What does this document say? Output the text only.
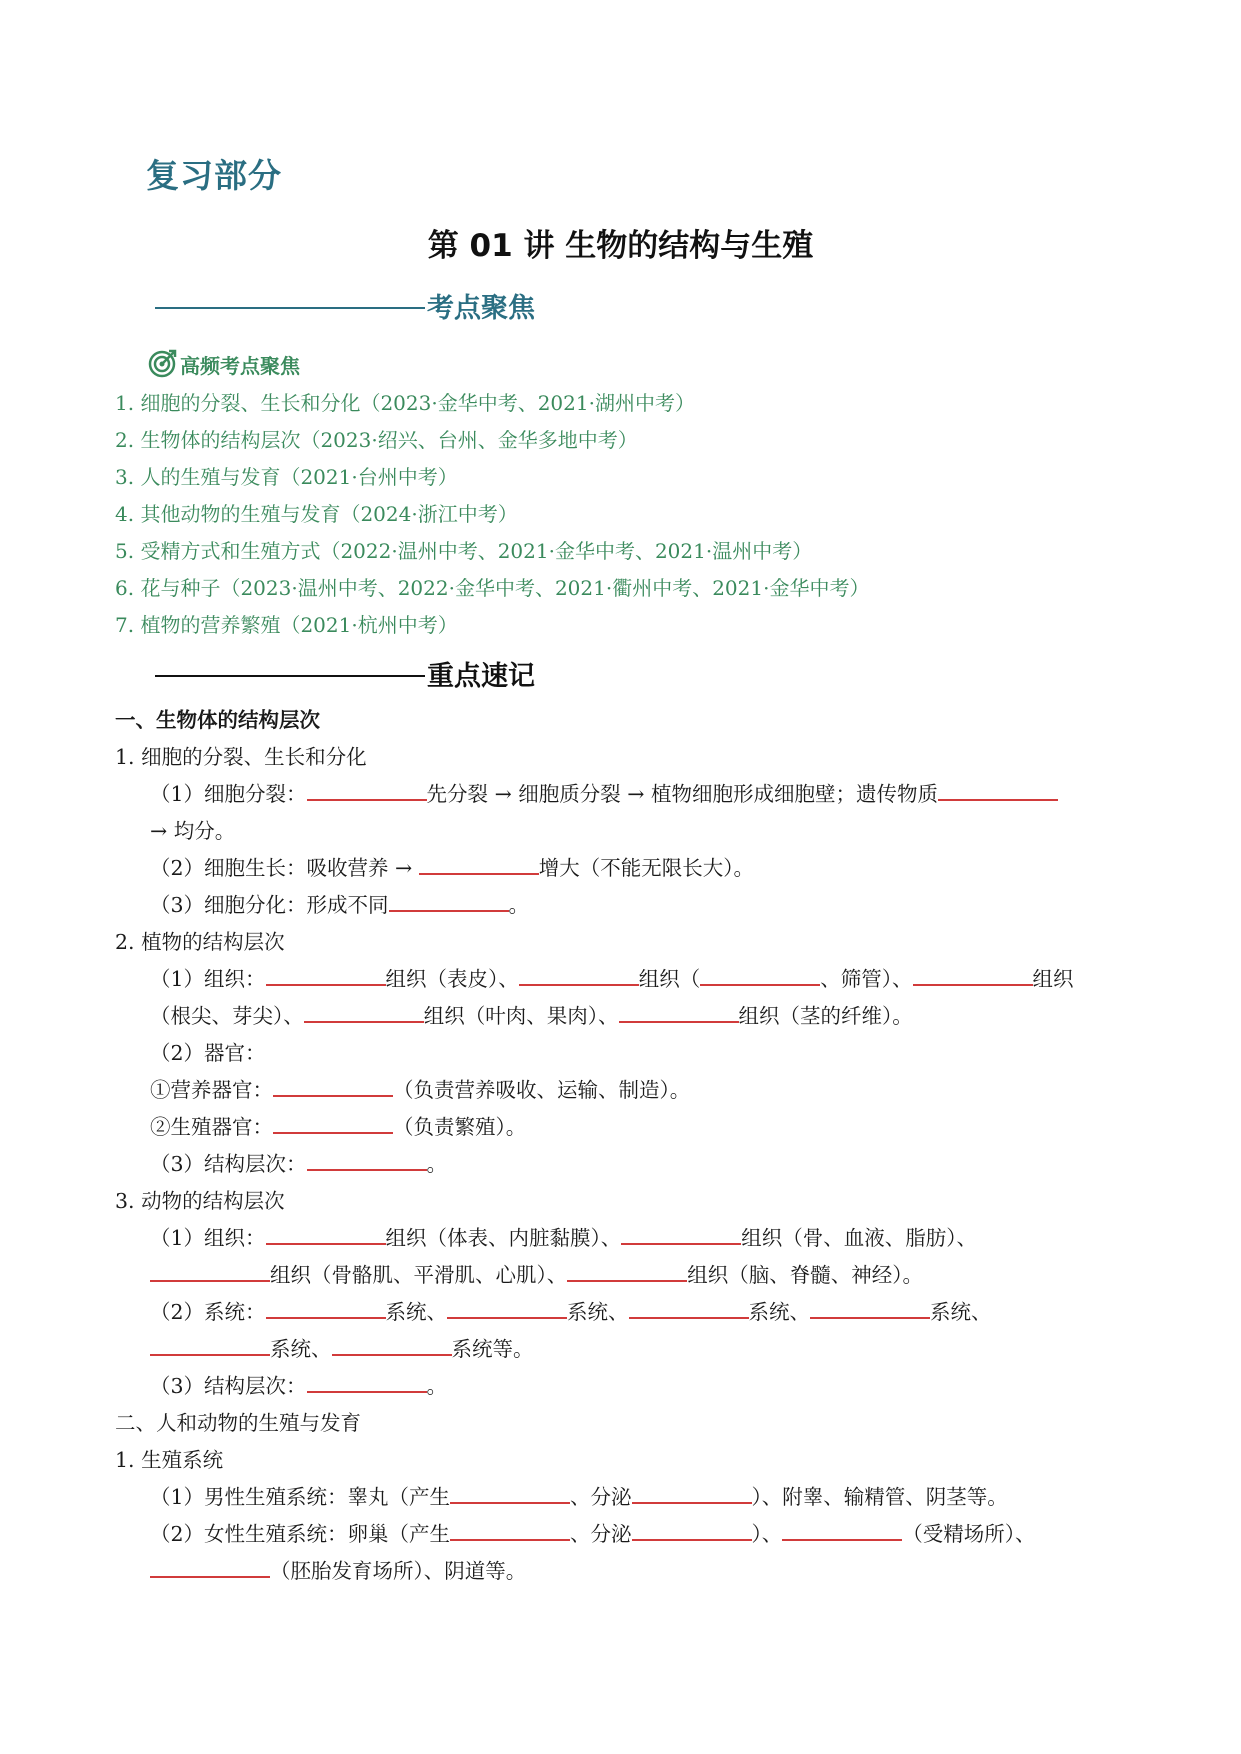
复习部分
第 01 讲 生物的结构与生殖
考点聚焦
高频考点聚焦
1. 细胞的分裂、生长和分化（2023·金华中考、2021·湖州中考）
2. 生物体的结构层次（2023·绍兴、台州、金华多地中考）
3. 人的生殖与发育（2021·台州中考）
4. 其他动物的生殖与发育（2024·浙江中考）
5. 受精方式和生殖方式（2022·温州中考、2021·金华中考、2021·温州中考）
6. 花与种子（2023·温州中考、2022·金华中考、2021·衢州中考、2021·金华中考）
7. 植物的营养繁殖（2021·杭州中考）
重点速记
一、生物体的结构层次
1. 细胞的分裂、生长和分化
（1）细胞分裂：	先分裂 → 细胞质分裂 → 植物细胞形成细胞壁；遗传物质
→ 均分。
（2）细胞生长：吸收营养 →	增大（不能无限长大）。
（3）细胞分化：形成不同	。
2. 植物的结构层次
（1）组织：	组织（表皮）、	组织（	、筛管）、	组织
（根尖、芽尖）、	组织（叶肉、果肉）、	组织（茎的纤维）。
（2）器官：
①营养器官：	（负责营养吸收、运输、制造）。
②生殖器官：	（负责繁殖）。
（3）结构层次：	。
3. 动物的结构层次
（1）组织：	组织（体表、内脏黏膜）、	组织（骨、血液、脂肪）、
组织（骨骼肌、平滑肌、心肌）、	组织（脑、脊髓、神经）。
（2）系统：	系统、	系统、	系统、	系统、
系统、	系统等。
（3）结构层次：	。
二、人和动物的生殖与发育
1. 生殖系统
（1）男性生殖系统：睾丸（产生	、分泌	）、附睾、输精管、阴茎等。
（2）女性生殖系统：卵巢（产生	、分泌	）、	（受精场所）、
（胚胎发育场所）、阴道等。
